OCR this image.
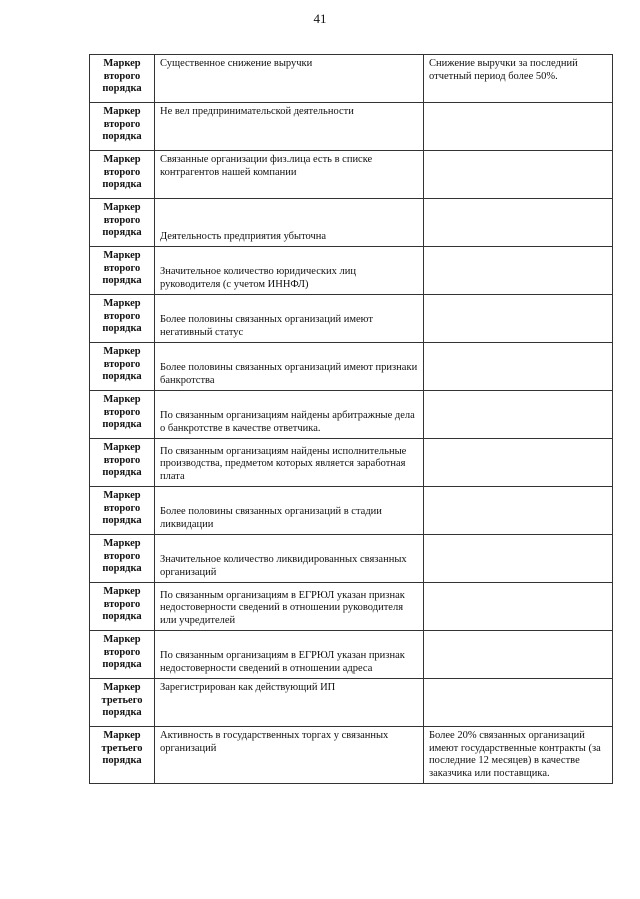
41
Маркер второго порядка	Существенное снижение выручки	Снижение выручки за последний отчетный период более 50%.
Маркер второго порядка	Не вел предпринимательской деятельности	
Маркер второго порядка	Связанные организации физ.лица есть в списке контрагентов нашей компании	
Маркер второго порядка	Деятельность предприятия убыточна	
Маркер второго порядка	Значительное количество юридических лиц руководителя (с учетом ИННФЛ)	
Маркер второго порядка	Более половины связанных организаций имеют негативный статус	
Маркер второго порядка	Более половины связанных организаций имеют признаки банкротства	
Маркер второго порядка	По связанным организациям найдены арбитражные дела о банкротстве в качестве ответчика.	
Маркер второго порядка	По связанным организациям найдены исполнительные производства, предметом которых является заработная плата	
Маркер второго порядка	Более половины связанных организаций в стадии ликвидации	
Маркер второго порядка	Значительное количество ликвидированных связанных организаций	
Маркер второго порядка	По связанным организациям в ЕГРЮЛ указан признак недостоверности сведений в отношении руководителя или учредителей	
Маркер второго порядка	По связанным организациям в ЕГРЮЛ указан признак недостоверности сведений в отношении адреса	
Маркер третьего порядка	Зарегистрирован как действующий ИП	
Маркер третьего порядка	Активность в государственных торгах у связанных организаций	Более 20% связанных организаций имеют государственные контракты (за последние 12 месяцев) в качестве заказчика или поставщика.
